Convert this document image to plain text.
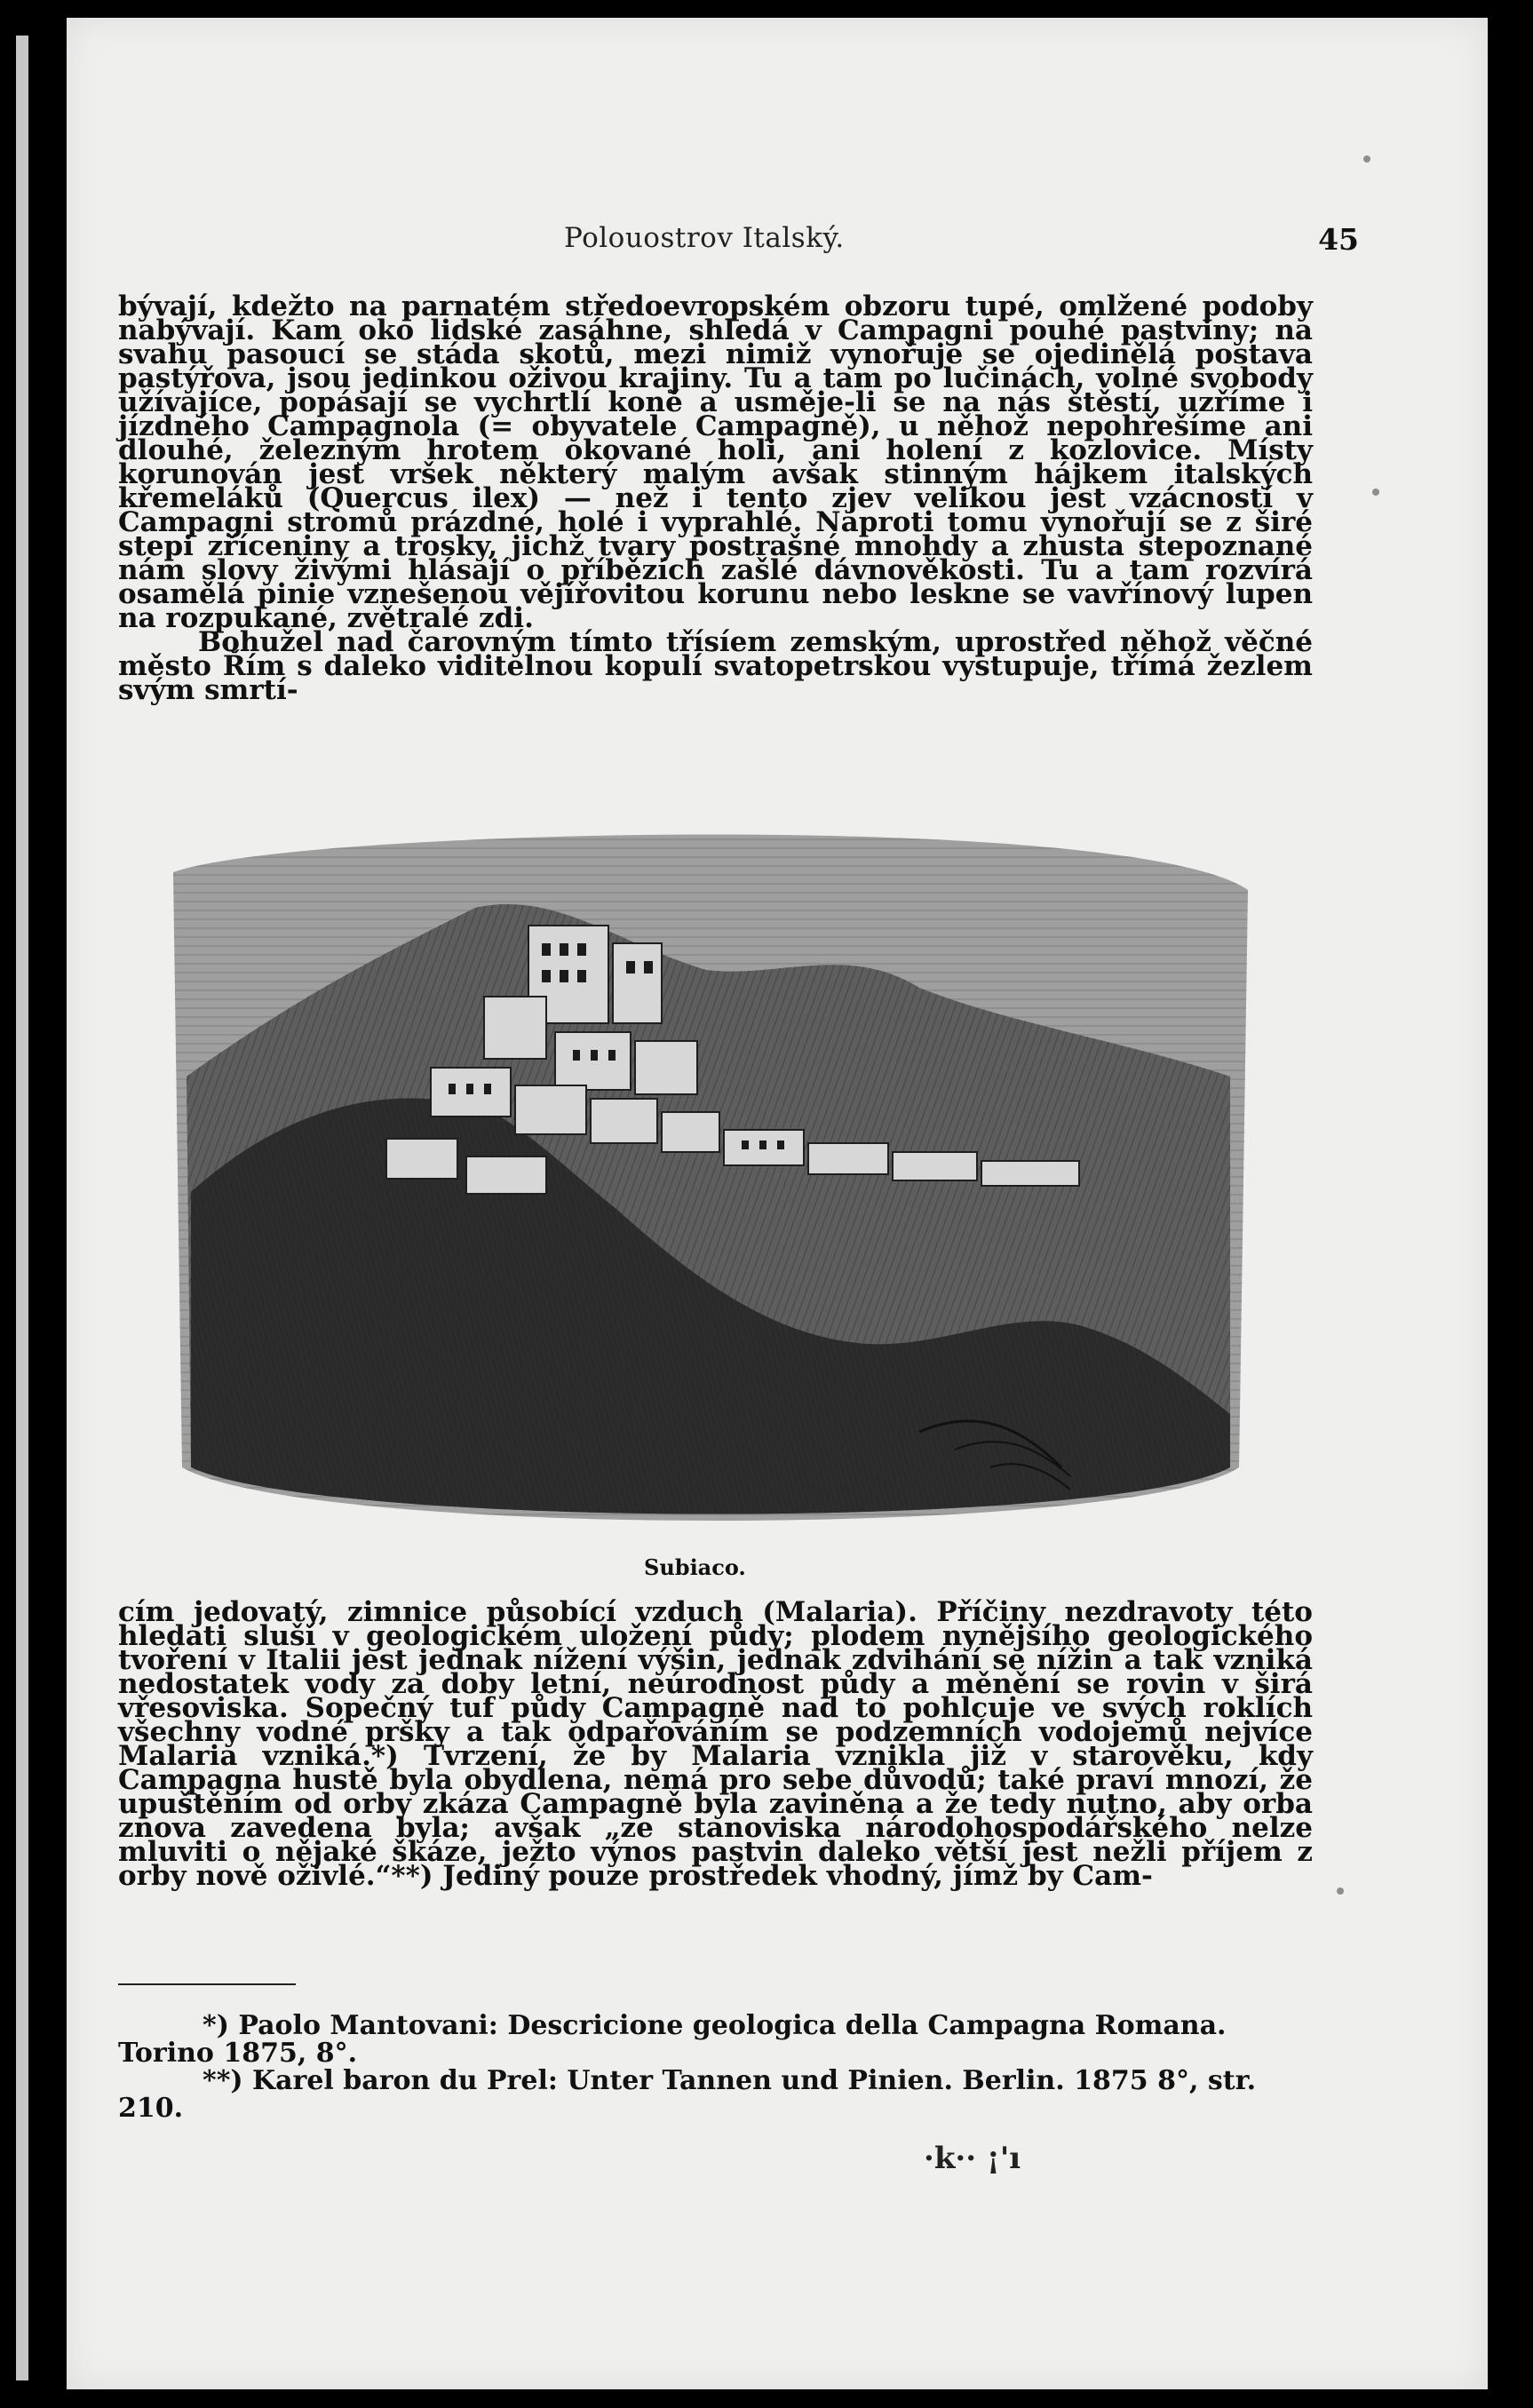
Polouostrov Italský.	45

bývají, kdežto na parnatém středoevropském obzoru tupé, omlžené podoby nabývají. Kam oko lidské zasáhne, shledá v Campagni pouhé pastviny; na svahu pasoucí se stáda skotů, mezi nimiž vynořuje se ojedinělá postava pastýřova, jsou jedinkou oživou krajiny. Tu a tam po lučinách, volné svobody užívajíce, popásají se vychrtlí koně a usměje-li se na nás štěstí, uzříme i jízdného Campagnola (= obyvatele Campagně), u něhož nepohřešíme ani dlouhé, železným hrotem okované holi, ani holení z kozlovice. Místy korunován jest vršek některý malým avšak stinným hájkem italských křemeláků (Quercus ilex) — než i tento zjev velikou jest vzácností v Campagni stromů prázdné, holé i vyprahlé. Naproti tomu vynořují se z širé stepi zříceniny a trosky, jichž tvary postrašné mnohdy a zhusta stepoznané nám slovy živými hlásají o příbězích zašlé dávnověkosti. Tu a tam rozvírá osamělá pinie vznešenou vějířovitou korunu nebo leskne se vavřínový lupen na rozpukané, zvětralé zdi.

Bohužel nad čarovným tímto třísíem zemským, uprostřed něhož věčné město Řím s daleko viditelnou kopulí svatopetrskou vystupuje, třímá žezlem svým smrtí-

Subiaco.

cím jedovatý, zimnice působící vzduch (Malaria). Příčiny nezdravoty této hledati sluší v geologickém uložení půdy; plodem nynějšího geologického tvoření v Italii jest jednak nížení výšin, jednak zdvihání se nížin a tak vzniká nedostatek vody za doby letní, neúrodnost půdy a měnění se rovin v širá vřesoviska. Sopečný tuf půdy Campagně nad to pohlcuje ve svých roklích všechny vodné pršky a tak odpařováním se podzemních vodojemů nejvíce Malaria vzniká.*) Tvrzení, že by Malaria vznikla již v starověku, kdy Campagna hustě byla obydlena, nemá pro sebe důvodů; také praví mnozí, že upuštěním od orby zkáza Campagně byla zaviněna a že tedy nutno, aby orba znova zavedena byla; avšak „ze stanoviska národohospodářského nelze mluviti o nějaké škáze, ježto výnos pastvin daleko větší jest nežli příjem z orby nově oživlé.“**) Jediný pouze prostředek vhodný, jímž by Cam-

*) Paolo Mantovani: Descricione geologica della Campagna Romana. Torino 1875, 8°.

**) Karel baron du Prel: Unter Tannen und Pinien. Berlin. 1875 8°, str. 210.

·k·· ¡'ı
